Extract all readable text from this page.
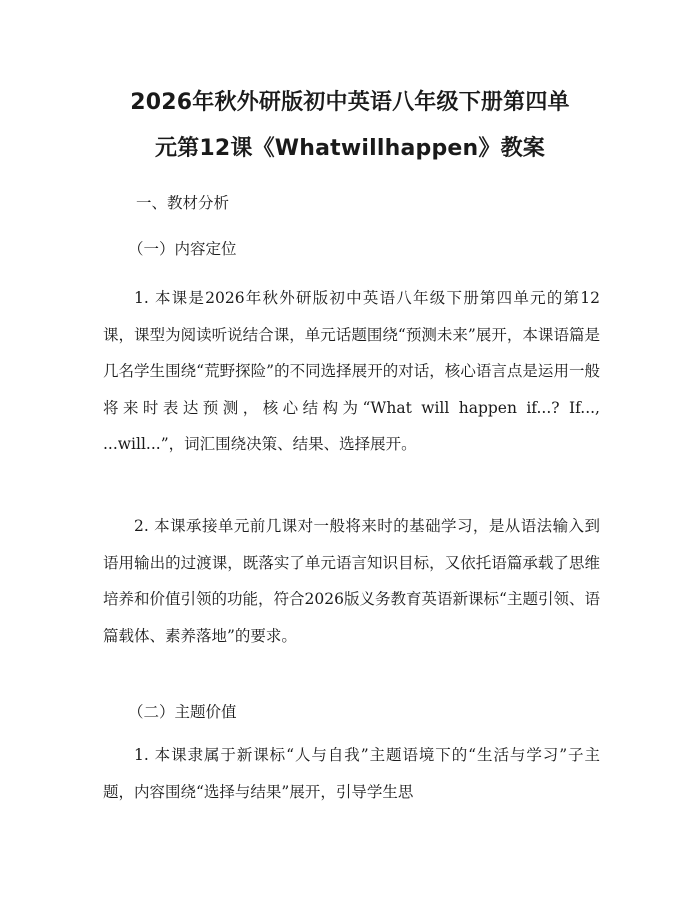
2026年秋外研版初中英语八年级下册第四单
元第12课《Whatwillhappen》教案
一、教材分析
（一）内容定位
1. 本课是2026年秋外研版初中英语八年级下册第四单元的第12课，课型为阅读听说结合课，单元话题围绕“预测未来”展开，本课语篇是几名学生围绕“荒野探险”的不同选择展开的对话，核心语言点是运用一般将来时表达预测，核心结构为“What will happen if...? If..., ...will...”，词汇围绕决策、结果、选择展开。
2. 本课承接单元前几课对一般将来时的基础学习，是从语法输入到语用输出的过渡课，既落实了单元语言知识目标，又依托语篇承载了思维培养和价值引领的功能，符合2026版义务教育英语新课标“主题引领、语篇载体、素养落地”的要求。
（二）主题价值
1. 本课隶属于新课标“人与自我”主题语境下的“生活与学习”子主题，内容围绕“选择与结果”展开，引导学生思
